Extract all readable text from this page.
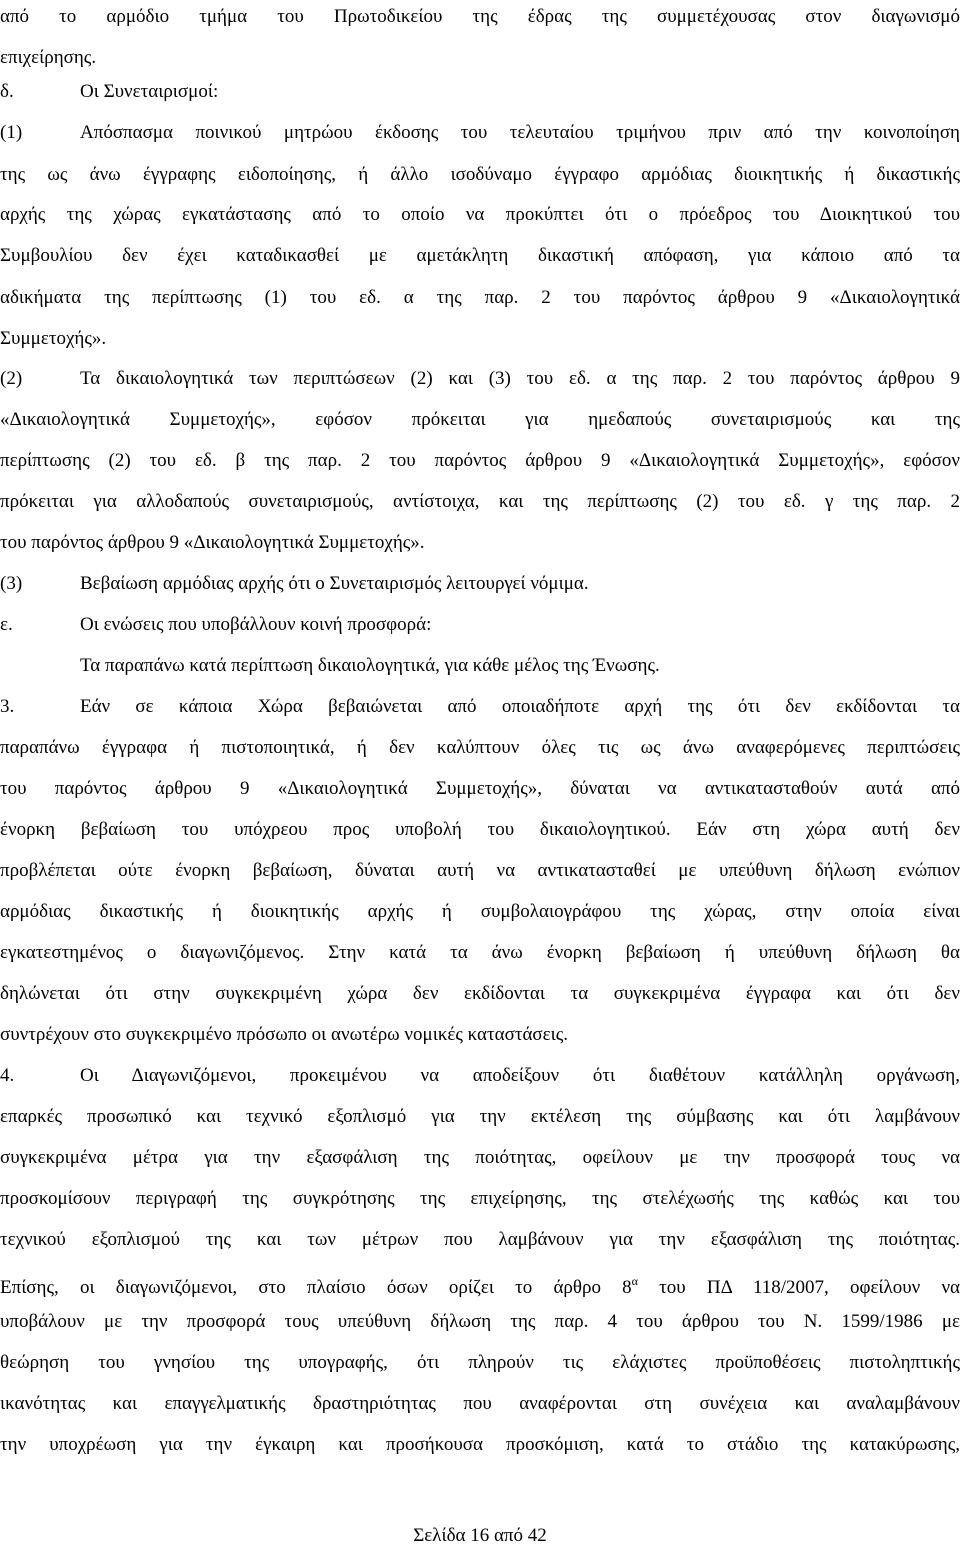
από το αρμόδιο τμήμα του Πρωτοδικείου της έδρας της συμμετέχουσας στον διαγωνισμό
επιχείρησης.
δ.	Οι Συνεταιρισμοί:
(1)	Απόσπασμα ποινικού μητρώου έκδοσης του τελευταίου τριμήνου πριν από την κοινοποίηση
της ως άνω έγγραφης ειδοποίησης, ή άλλο ισοδύναμο έγγραφο αρμόδιας διοικητικής ή δικαστικής
αρχής της χώρας εγκατάστασης από το οποίο να προκύπτει ότι ο πρόεδρος του Διοικητικού του
Συμβουλίου δεν έχει καταδικασθεί με αμετάκλητη δικαστική απόφαση, για κάποιο από τα
αδικήματα της περίπτωσης (1) του εδ. α της παρ. 2 του παρόντος άρθρου 9 «Δικαιολογητικά
Συμμετοχής».
(2)	Τα δικαιολογητικά των περιπτώσεων (2) και (3) του εδ. α της παρ. 2 του παρόντος άρθρου 9
«Δικαιολογητικά Συμμετοχής», εφόσον πρόκειται για ημεδαπούς συνεταιρισμούς και της
περίπτωσης (2) του εδ. β της παρ. 2 του παρόντος άρθρου 9 «Δικαιολογητικά Συμμετοχής», εφόσον
πρόκειται για αλλοδαπούς συνεταιρισμούς, αντίστοιχα, και της περίπτωσης (2) του εδ. γ της παρ. 2
του παρόντος άρθρου 9 «Δικαιολογητικά Συμμετοχής».
(3)	Βεβαίωση αρμόδιας αρχής ότι ο Συνεταιρισμός λειτουργεί νόμιμα.
ε.	Οι ενώσεις που υποβάλλουν κοινή προσφορά:
Τα παραπάνω κατά περίπτωση δικαιολογητικά, για κάθε μέλος της Ένωσης.
3.	Εάν σε κάποια Χώρα βεβαιώνεται από οποιαδήποτε αρχή της ότι δεν εκδίδονται τα
παραπάνω έγγραφα ή πιστοποιητικά, ή δεν καλύπτουν όλες τις ως άνω αναφερόμενες περιπτώσεις
του παρόντος άρθρου 9 «Δικαιολογητικά Συμμετοχής», δύναται να αντικατασταθούν αυτά από
ένορκη βεβαίωση του υπόχρεου προς υποβολή του δικαιολογητικού. Εάν στη χώρα αυτή δεν
προβλέπεται ούτε ένορκη βεβαίωση, δύναται αυτή να αντικατασταθεί με υπεύθυνη δήλωση ενώπιον
αρμόδιας δικαστικής ή διοικητικής αρχής ή συμβολαιογράφου της χώρας, στην οποία είναι
εγκατεστημένος ο διαγωνιζόμενος. Στην κατά τα άνω ένορκη βεβαίωση ή υπεύθυνη δήλωση θα
δηλώνεται ότι στην συγκεκριμένη χώρα δεν εκδίδονται τα συγκεκριμένα έγγραφα και ότι δεν
συντρέχουν στο συγκεκριμένο πρόσωπο οι ανωτέρω νομικές καταστάσεις.
4.	Οι Διαγωνιζόμενοι, προκειμένου να αποδείξουν ότι διαθέτουν κατάλληλη οργάνωση,
επαρκές προσωπικό και τεχνικό εξοπλισμό για την εκτέλεση της σύμβασης και ότι λαμβάνουν
συγκεκριμένα μέτρα για την εξασφάλιση της ποιότητας, οφείλουν με την προσφορά τους να
προσκομίσουν περιγραφή της συγκρότησης της επιχείρησης, της στελέχωσής της καθώς και του
τεχνικού εξοπλισμού της και των μέτρων που λαμβάνουν για την εξασφάλιση της ποιότητας.
Επίσης, οι διαγωνιζόμενοι, στο πλαίσιο όσων ορίζει το άρθρο $8^\alpha$ του ΠΔ 118/2007, οφείλουν να
υποβάλουν με την προσφορά τους υπεύθυνη δήλωση της παρ. 4 του άρθρου του Ν. 1599/1986 με
θεώρηση του γνησίου της υπογραφής, ότι πληρούν τις ελάχιστες προϋποθέσεις πιστοληπτικής
ικανότητας και επαγγελματικής δραστηριότητας που αναφέρονται στη συνέχεια και αναλαμβάνουν
την υποχρέωση για την έγκαιρη και προσήκουσα προσκόμιση, κατά το στάδιο της κατακύρωσης,
Σελίδα 16 από 42
